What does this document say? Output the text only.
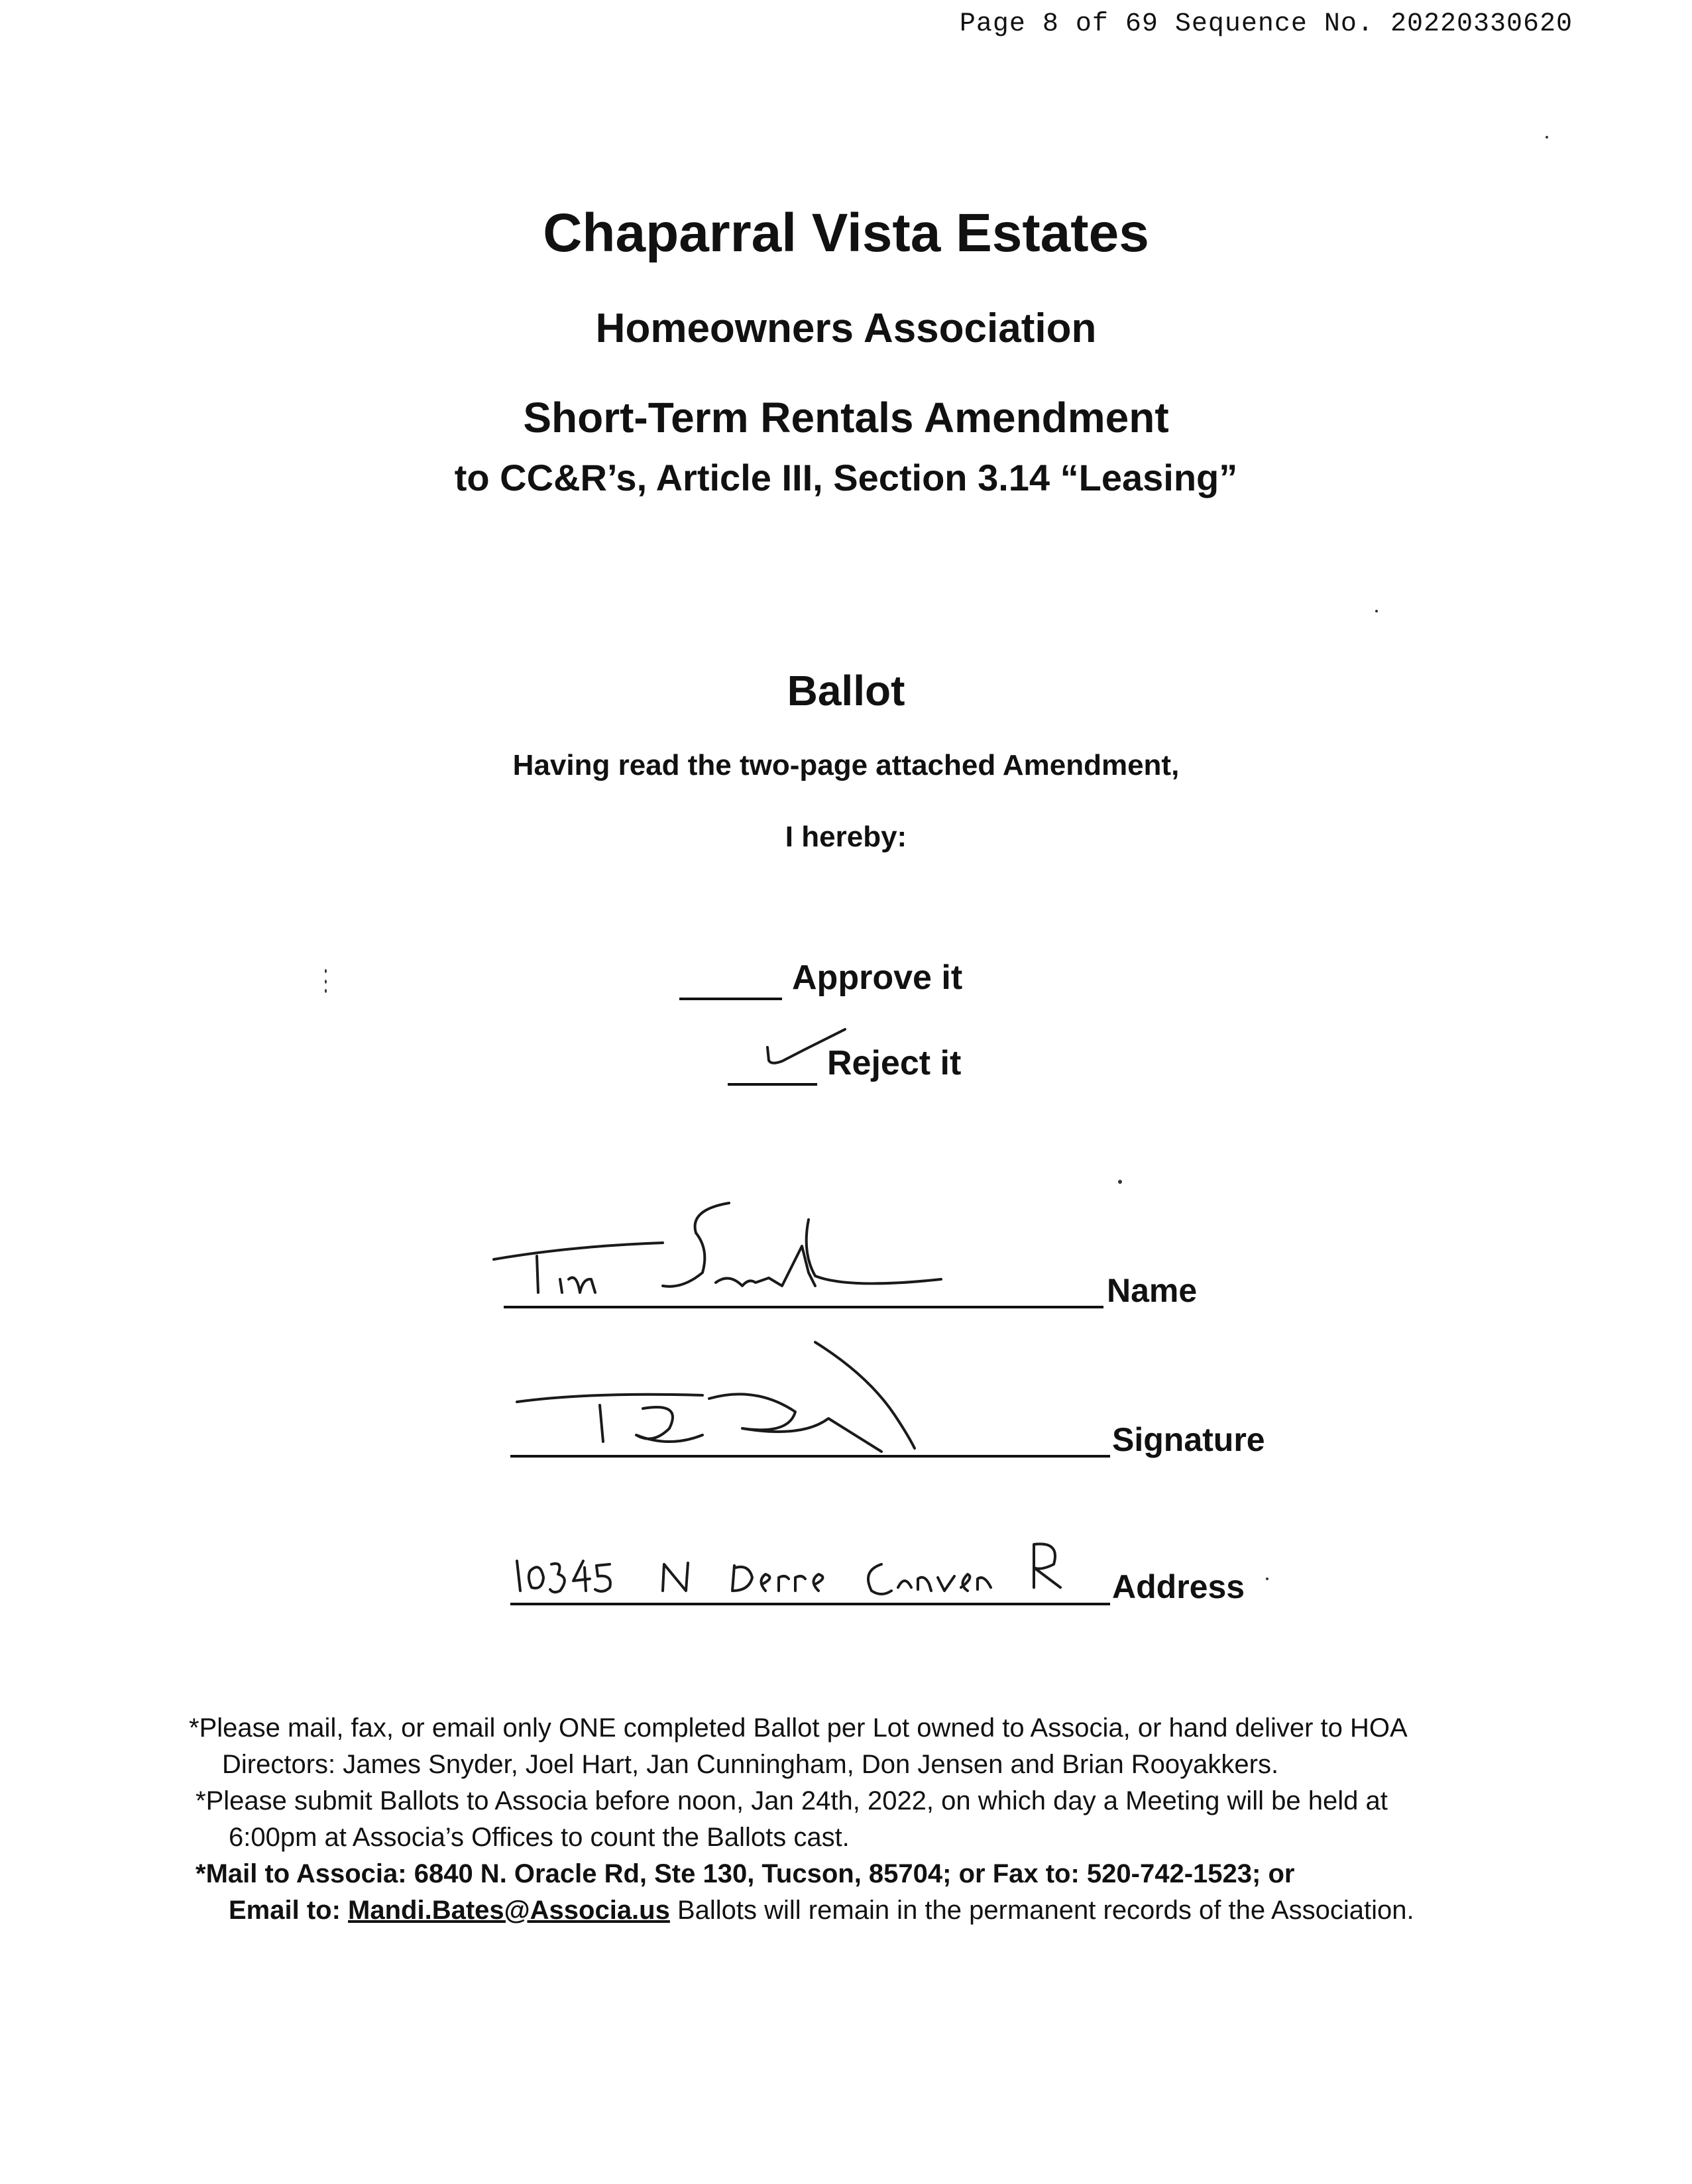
Page 8 of 69 Sequence No. 20220330620
Chaparral Vista Estates
Homeowners Association
Short-Term Rentals Amendment
to CC&R’s, Article III, Section 3.14 “Leasing”
Ballot
Having read the two-page attached Amendment,
I hereby:
Approve it
Reject it
Name
Signature
Address
*Please mail, fax, or email only ONE completed Ballot per Lot owned to Associa, or hand deliver to HOA
Directors: James Snyder, Joel Hart, Jan Cunningham, Don Jensen and Brian Rooyakkers.
*Please submit Ballots to Associa before noon, Jan 24th, 2022, on which day a Meeting will be held at
6:00pm at Associa’s Offices to count the Ballots cast.
*Mail to Associa: 6840 N. Oracle Rd, Ste 130, Tucson, 85704; or Fax to: 520-742-1523; or
Email to: Mandi.Bates@Associa.us Ballots will remain in the permanent records of the Association.
